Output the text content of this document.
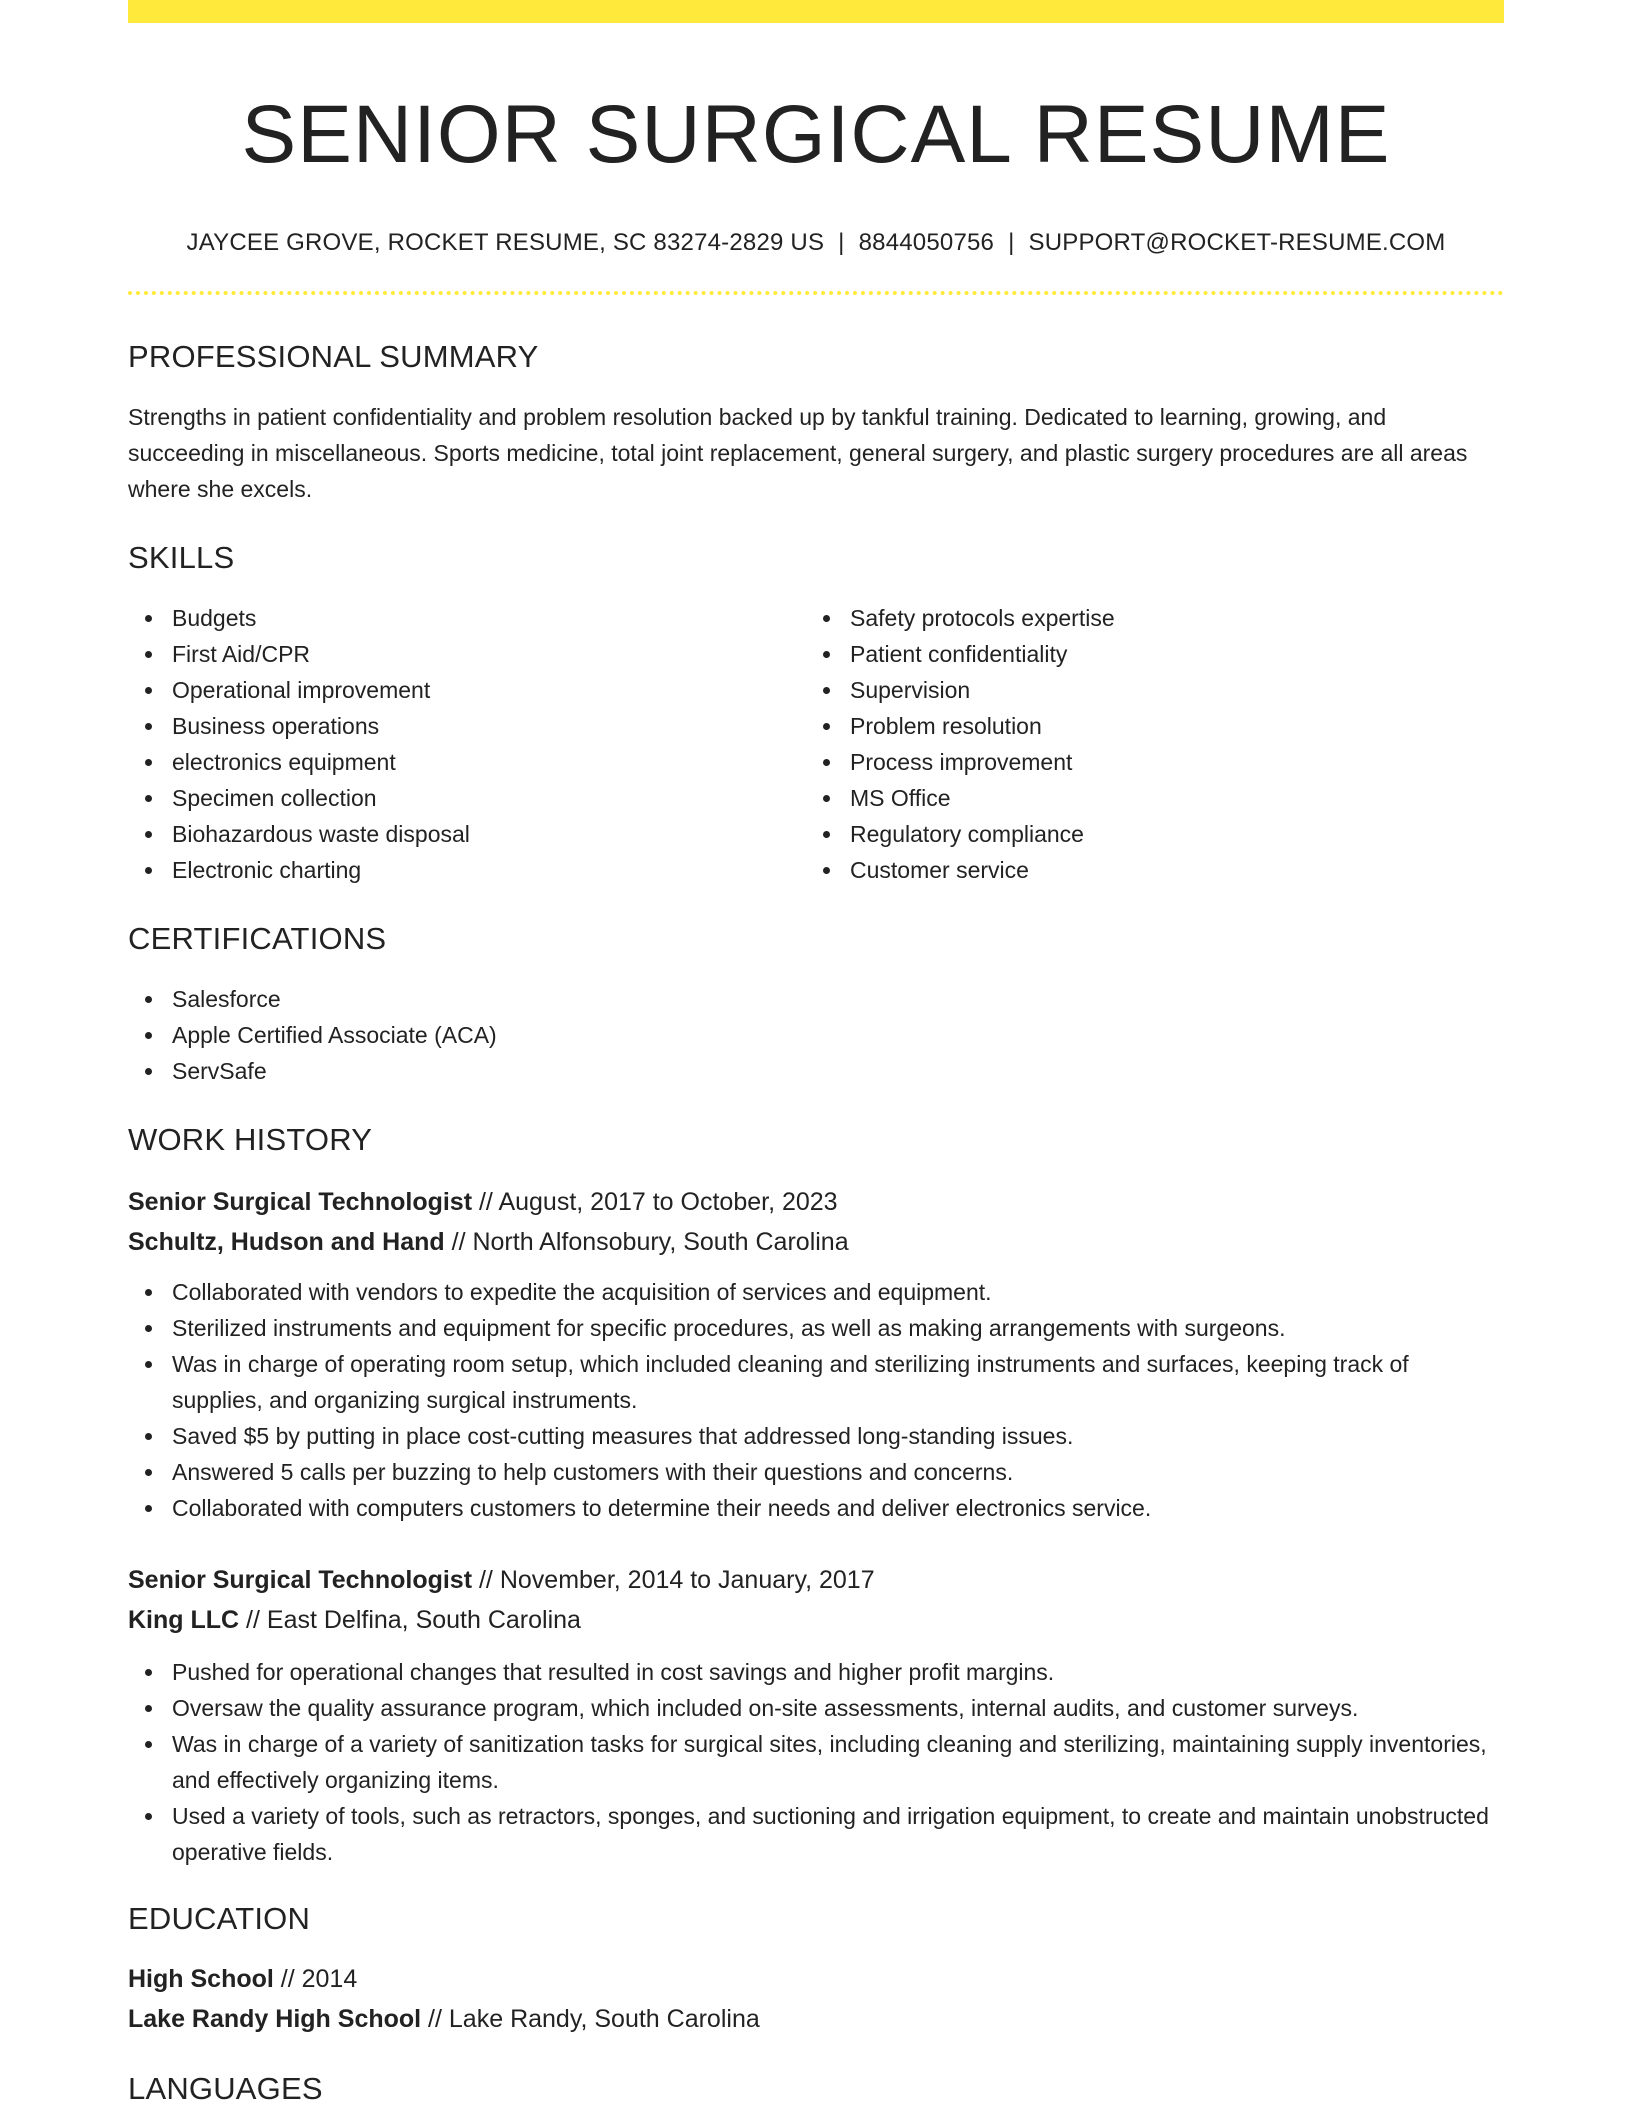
SENIOR SURGICAL RESUME
JAYCEE GROVE, ROCKET RESUME, SC 83274-2829 US | 8844050756 | SUPPORT@ROCKET-RESUME.COM
PROFESSIONAL SUMMARY

Strengths in patient confidentiality and problem resolution backed up by tankful training. Dedicated to learning, growing, and succeeding in miscellaneous. Sports medicine, total joint replacement, general surgery, and plastic surgery procedures are all areas where she excels.

SKILLS
Budgets
First Aid/CPR
Operational improvement
Business operations
electronics equipment
Specimen collection
Biohazardous waste disposal
Electronic charting
Safety protocols expertise
Patient confidentiality
Supervision
Problem resolution
Process improvement
MS Office
Regulatory compliance
Customer service
CERTIFICATIONS
Salesforce
Apple Certified Associate (ACA)
ServSafe
WORK HISTORY
Senior Surgical Technologist // August, 2017 to October, 2023
Schultz, Hudson and Hand // North Alfonsobury, South Carolina
Collaborated with vendors to expedite the acquisition of services and equipment.
Sterilized instruments and equipment for specific procedures, as well as making arrangements with surgeons.
Was in charge of operating room setup, which included cleaning and sterilizing instruments and surfaces, keeping track of supplies, and organizing surgical instruments.
Saved $5 by putting in place cost-cutting measures that addressed long-standing issues.
Answered 5 calls per buzzing to help customers with their questions and concerns.
Collaborated with computers customers to determine their needs and deliver electronics service.
Senior Surgical Technologist // November, 2014 to January, 2017
King LLC // East Delfina, South Carolina
Pushed for operational changes that resulted in cost savings and higher profit margins.
Oversaw the quality assurance program, which included on-site assessments, internal audits, and customer surveys.
Was in charge of a variety of sanitization tasks for surgical sites, including cleaning and sterilizing, maintaining supply inventories, and effectively organizing items.
Used a variety of tools, such as retractors, sponges, and suctioning and irrigation equipment, to create and maintain unobstructed operative fields.
EDUCATION
High School // 2014
Lake Randy High School // Lake Randy, South Carolina
LANGUAGES
